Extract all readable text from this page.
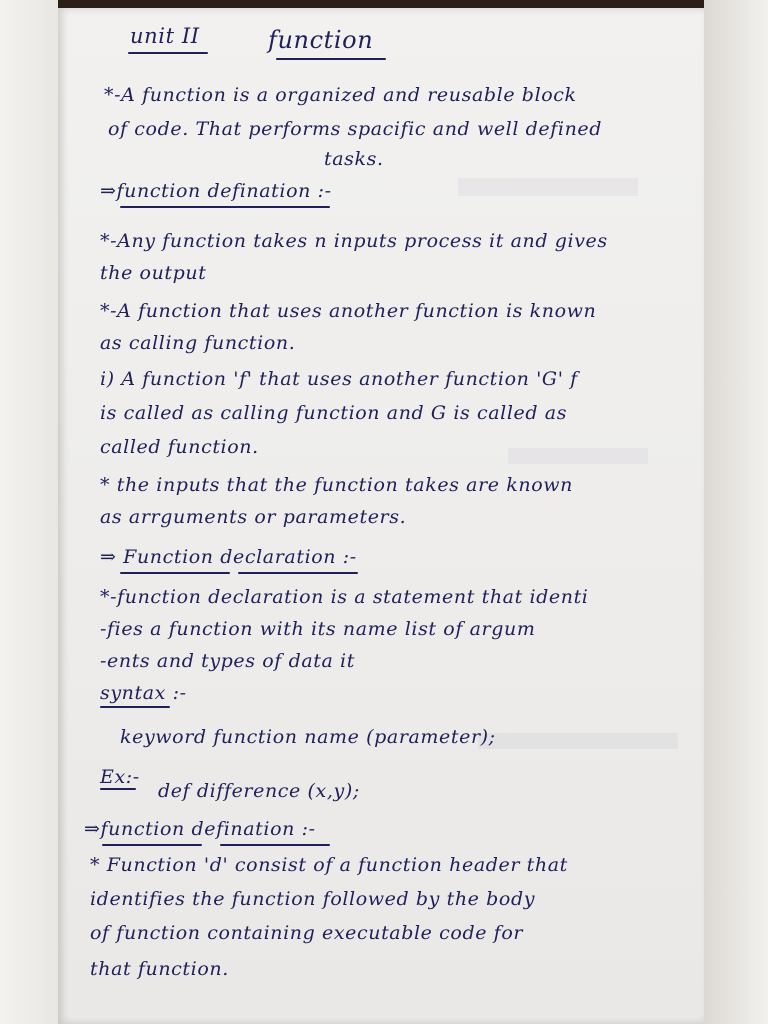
unit II	function
*-A function is a organized and reusable block
of code. That performs spacific and well defined
tasks.
⇒function defination :-
*-Any function takes n inputs process it and gives
the output
*-A function that uses another function is known
as calling function.
i) A function 'f' that uses another function 'G' f
is called as calling function and G is called as
called function.
* the inputs that the function takes are known
as arrguments or parameters.
⇒ Function declaration :-
*-function declaration is a statement that identi
-fies a function with its name list of argum
-ents and types of data it
syntax :-
keyword function name (parameter);
Ex:-
def difference (x,y);
⇒function defination :-
* Function 'd' consist of a function header that
identifies the function followed by the body
of function containing executable code for
that function.
